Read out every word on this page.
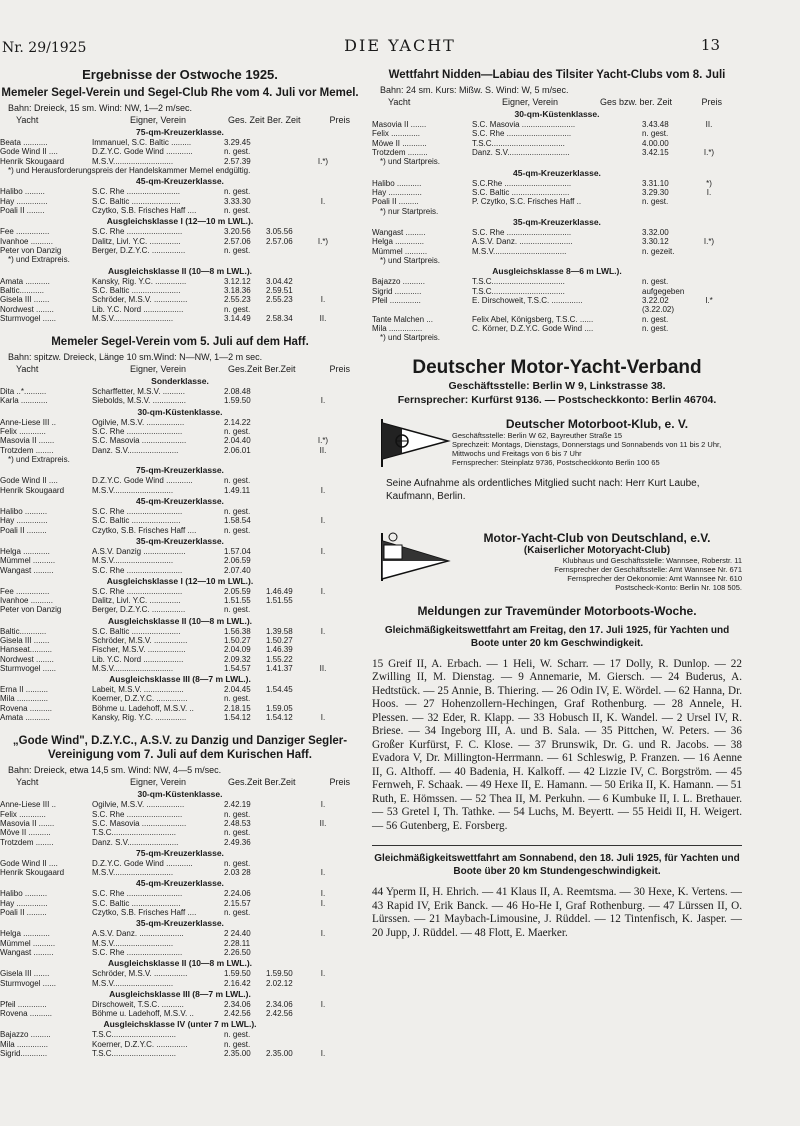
Nr. 29/1925	DIE YACHT	13
Ergebnisse der Ostwoche 1925.
Memeler Segel-Verein und Segel-Club Rhe vom 4. Juli vor Memel.
Bahn: Dreieck, 15 sm. Wind: NW, 1—2 m/sec.
Yacht	Eigner, Verein	Ges. Zeit Ber. Zeit	Preis
75-qm-Kreuzerklasse.
Beata ...........	Immanuel, S.C. Baltic .........	3.29.45
Gode Wind II ....	D.Z.Y.C. Gode Wind ............	n. gest.
Henrik Skougaard	M.S.V...........................	2.57.39	I.*)
*) und Herausforderungspreis der Handelskammer Memel endgültig.
45-qm-Kreuzerklasse.
Halibo .........	S.C. Rhe ........................	n. gest.
Hay ..............	S.C. Baltic ......................	3.33.30	I.
Poali II ........	Czytko, S.B. Frisches Haff ....	n. gest.
Ausgleichsklasse I (12—10 m LWL.).
Fee ...............	S.C. Rhe .........................	3.20.56	3.05.56
Ivanhoe ..........	Dalitz, Livl. Y.C. ..............	2.57.06	2.57.06	I.*)
Peter von Danzig	Berger, D.Z.Y.C. ...............	n. gest.
*) und Extrapreis.
Ausgleichsklasse II (10—8 m LWL.).
Amata ...........	Kansky, Rig. Y.C. ..............	3.12.12	3.04.42
Baltic...........	S.C. Baltic ......................	3.18.36	2.59.51
Gisela III .......	Schröder, M.S.V. ...............	2.55.23	2.55.23	I.
Nordwest ........	Lib. Y.C. Nord ..................	n. gest.
Sturmvogel ......	M.S.V...........................	3.14.49	2.58.34	II.
Memeler Segel-Verein vom 5. Juli auf dem Haff.
Bahn: spitzw. Dreieck, Länge 10 sm.Wind: N—NW, 1—2 m sec.
Yacht	Eigner, Verein	Ges.Zeit Ber.Zeit	Preis
Sonderklasse.
Dita ..*..........	Scharffetter, M.S.V. ..........	2.08.48
Karla ............	Siebolds, M.S.V. ...............	1.59.50	I.
30-qm-Küstenklasse.
Anne-Liese III ..	Ogilvie, M.S.V. .................	2.14.22
Felix ............	S.C. Rhe .........................	n. gest.
Masovia II .......	S.C. Masovia ....................	2.04.40	I.*)
Trotzdem ........	Danz. S.V.......................	2.06.01	II.
*) und Extrapreis.
75-qm-Kreuzerklasse.
Gode Wind II ....	D.Z.Y.C. Gode Wind ............	n. gest.
Henrik Skougaard	M.S.V...........................	1.49.11	I.
45-qm-Kreuzerklasse.
Halibo ..........	S.C. Rhe .........................	n. gest.
Hay ..............	S.C. Baltic ......................	1.58.54	I.
Poali II .........	Czytko, S.B. Frisches Haff ....	n. gest.
35-qm-Kreuzerklasse.
Helga ............	A.S.V. Danzig ...................	1.57.04	I.
Mümmel ..........	M.S.V...........................	2.06.59
Wangast .........	S.C. Rhe .........................	2.07.40
Ausgleichsklasse I (12—10 m LWL.).
Fee ...............	S.C. Rhe .........................	2.05.59	1.46.49	I.
Ivanhoe ..........	Dalitz, Livl. Y.C. ..............	1.51.55	1.51.55
Peter von Danzig	Berger, D.Z.Y.C. ...............	n. gest.
Ausgleichsklasse II (10—8 m LWL.).
Baltic............	S.C. Baltic ......................	1.56.38	1.39.58	I.
Gisela III .......	Schröder, M.S.V. ...............	1.50.27	1.50.27
Hanseat..........	Fischer, M.S.V. .................	2.04.09	1.46.39
Nordwest ........	Lib. Y.C. Nord ..................	2.09.32	1.55.22
Sturmvogel ......	M.S.V...........................	1.54.57	1.41.37	II.
Ausgleichsklasse III (8—7 m LWL.).
Erna II ..........	Labeit, M.S.V. ..................	2.04.45	1.54.45
Mila ..............	Koerner, D.Z.Y.C. ..............	n. gest.
Rovena ..........	Böhme u. Ladehoff, M.S.V. ..	2.18.15	1.59.05
Amata ...........	Kansky, Rig. Y.C. ..............	1.54.12	1.54.12	I.
„Gode Wind", D.Z.Y.C., A.S.V. zu Danzig und Danziger Segler-Vereinigung vom 7. Juli auf dem Kurischen Haff.
Bahn: Dreieck, etwa 14,5 sm. Wind: NW, 4—5 m/sec.
Yacht	Eigner, Verein	Ges.Zeit Ber.Zeit	Preis
30-qm-Küstenklasse.
Anne-Liese III ..	Ogilvie, M.S.V. .................	2.42.19	I.
Felix ............	S.C. Rhe .........................	n. gest.
Masovia II .......	S.C. Masovia ....................	2.48.53	II.
Möve II ..........	T.S.C.............................	n. gest.
Trotzdem ........	Danz. S.V.......................	2.49.36
75-qm-Kreuzerklasse.
Gode Wind II ....	D.Z.Y.C. Gode Wind ............	n. gest.
Henrik Skougaard	M.S.V...........................	2.03 28	I.
45-qm-Kreuzerklasse.
Halibo ..........	S.C. Rhe .........................	2.24.06	I.
Hay ..............	S.C. Baltic ......................	2.15.57	I.
Poali II .........	Czytko, S.B. Frisches Haff ....	n. gest.
35-qm-Kreuzerklasse.
Helga ............	A.S.V. Danz. ....................	2 24.40	I.
Mümmel ..........	M.S.V...........................	2.28.11
Wangast .........	S.C. Rhe .........................	2.26.50
Ausgleichsklasse II (10—8 m LWL.).
Gisela III .......	Schröder, M.S.V. ...............	1.59.50	1.59.50	I.
Sturmvogel ......	M.S.V...........................	2.16.42	2.02.12
Ausgleichsklasse III (8—7 m LWL.).
Pfeil .............	Dirschoweit, T.S.C. ..........	2.34.06	2.34.06	I.
Rovena ..........	Böhme u. Ladehoff, M.S.V. ..	2.42.56	2.42.56
Ausgleichsklasse IV (unter 7 m LWL.).
Bajazzo .........	T.S.C.............................	n. gest.
Mila ..............	Koerner, D.Z.Y.C. ..............	n. gest.
Sigrid............	T.S.C.............................	2.35.00	2.35.00	I.
Wettfahrt Nidden—Labiau des Tilsiter Yacht-Clubs vom 8. Juli
Bahn: 24 sm. Kurs: Mißw. S. Wind: W, 5 m/sec.
Yacht	Eigner, Verein	Ges bzw. ber. Zeit	Preis
30-qm-Küstenklasse.
Masovia II .......	S.C. Masovia ........................	3.43.48	II.
Felix .............	S.C. Rhe .............................	n. gest.
Möwe II ...........	T.S.C.................................	4.00.00
Trotzdem .........	Danz. S.V............................	3.42.15	I.*)
*) und Startpreis.
45-qm-Kreuzerklasse.
Halibo ...........	S.C.Rhe ..............................	3.31.10	*)
Hay ...............	S.C. Baltic ..........................	3.29.30	I.
Poali II .........	P. Czytko, S.C. Frisches Haff ..	n. gest.
*) nur Startpreis.
35-qm-Kreuzerklasse.
Wangast .........	S.C. Rhe .............................	3.32.00
Helga .............	A.S.V. Danz. ........................	3.30.12	I.*)
Mümmel ..........	M.S.V.................................	n. gezeit.
*) und Startpreis.
Ausgleichsklasse 8—6 m LWL.).
Bajazzo ..........	T.S.C.................................	n. gest.
Sigrid ............	T.S.C.................................	aufgegeben
Pfeil ..............	E. Dirschoweit, T.S.C. ..............	3.22.02	I.*
(3.22.02)
Tante Malchen ...	Felix Abel, Königsberg, T.S.C. ......	n. gest.
Mila ...............	C. Körner, D.Z.Y.C. Gode Wind ....	n. gest.
*) und Startpreis.
Deutscher Motor-Yacht-Verband
Geschäftsstelle: Berlin W 9, Linkstrasse 38.
Fernsprecher: Kurfürst 9136. — Postscheckkonto: Berlin 46704.
Deutscher Motorboot-Klub, e. V.
Geschäftsstelle: Berlin W 62, Bayreuther Straße 15
Sprechzeit: Montags, Dienstags, Donnerstags und Sonnabends von 11 bis 2 Uhr, Mittwochs und Freitags von 6 bis 7 Uhr
Fernsprecher: Steinplatz 9736, Postscheckkonto Berlin 100 65
Seine Aufnahme als ordentliches Mitglied sucht nach: Herr Kurt Laube, Kaufmann, Berlin.
Motor-Yacht-Club von Deutschland, e.V.
(Kaiserlicher Motoryacht-Club)
Klubhaus und Geschäftsstelle: Wannsee, Roberstr. 11
Fernsprecher der Geschäftsstelle: Amt Wannsee Nr. 671
Fernsprecher der Oekonomie: Amt Wannsee Nr. 610
Postscheck-Konto: Berlin Nr. 108 505.
Meldungen zur Travemünder Motorboots-Woche.
Gleichmäßigkeitswettfahrt am Freitag, den 17. Juli 1925, für Yachten und Boote unter 20 km Geschwindigkeit.
15 Greif II, A. Erbach. — 1 Heli, W. Scharr. — 17 Dolly, R. Dunlop. — 22 Zwilling II, M. Dienstag. — 9 Annemarie, M. Giersch. — 24 Buderus, A. Hedtstück. — 25 Annie, B. Thiering. — 26 Odin IV, E. Wördel. — 62 Hanna, Dr. Hoos. — 27 Hohenzollern-Hechingen, Graf Rothenburg. — 28 Annele, H. Plessen. — 32 Eder, R. Klapp. — 33 Hobusch II, K. Wandel. — 2 Ursel IV, R. Briese. — 34 Ingeborg III, A. und B. Sala. — 35 Pittchen, W. Peters. — 36 Großer Kurfürst, F. C. Klose. — 37 Brunswik, Dr. G. und R. Jacobs. — 38 Evadora V, Dr. Millington-Herrmann. — 61 Schleswig, P. Franzen. — 16 Aenne II, G. Althoff. — 40 Badenia, H. Kalkoff. — 42 Lizzie IV, C. Borgström. — 45 Fernweh, F. Schaak. — 49 Hexe II, E. Hamann. — 50 Erika II, K. Hamann. — 51 Ruth, E. Hömssen. — 52 Thea II, M. Perkuhn. — 6 Kumbuke II, I. L. Brethauer. — 53 Gretel I, Th. Tathke. — 54 Luchs, M. Beyertt. — 55 Heidi II, H. Weigert. — 56 Gutenberg, E. Forsberg.
Gleichmäßigkeitswettfahrt am Sonnabend, den 18. Juli 1925, für Yachten und Boote über 20 km Stundengeschwindigkeit.
44 Yperm II, H. Ehrich. — 41 Klaus II, A. Reemtsma. — 30 Hexe, K. Vertens. — 43 Rapid IV, Erik Banck. — 46 Ho-He I, Graf Rothenburg. — 47 Lürssen II, O. Lürssen. — 21 Maybach-Limousine, J. Rüddel. — 12 Tintenfisch, K. Jasper. — 20 Jupp, J. Rüddel. — 48 Flott, E. Maerker.
